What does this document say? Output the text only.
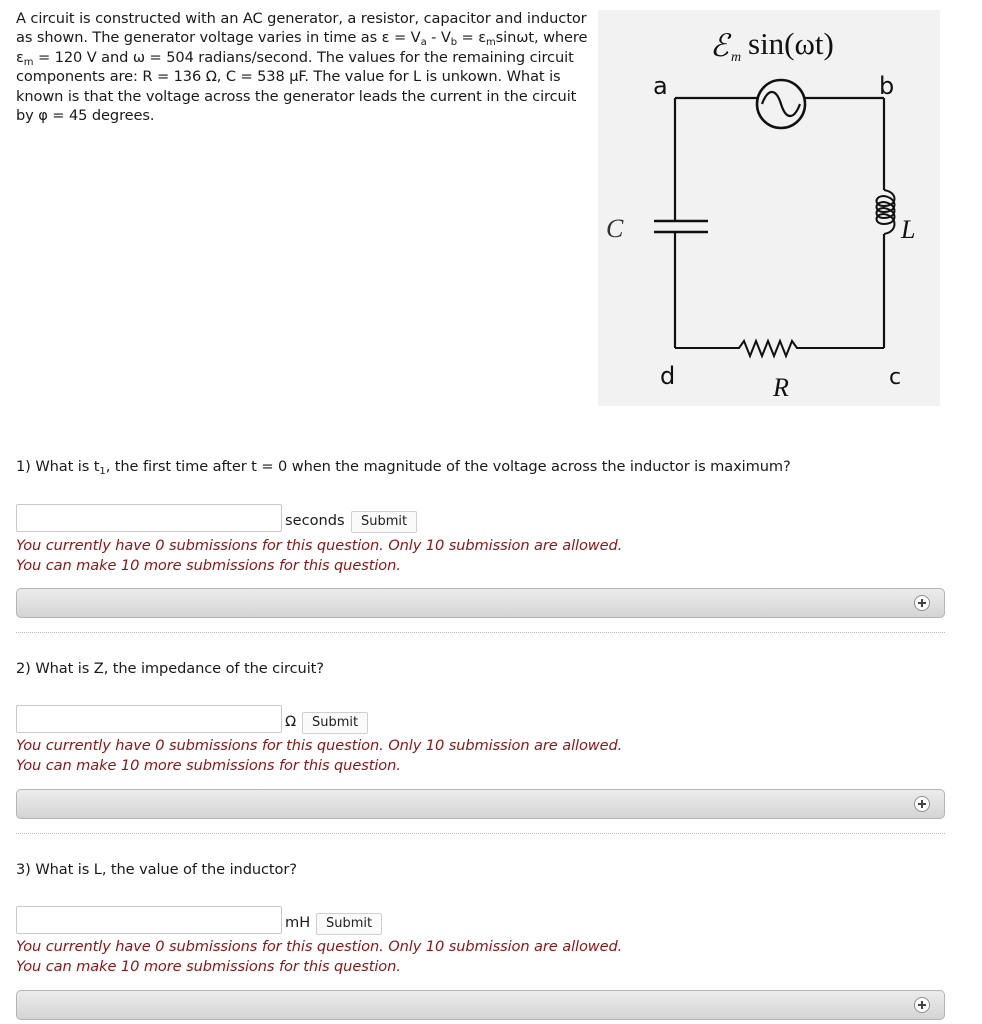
A circuit is constructed with an AC generator, a resistor, capacitor and inductor as shown. The generator voltage varies in time as $\varepsilon = V_a - V_b = \varepsilon_m\sin\omega t$, where $\varepsilon_m = 120$ V and ω = 504 radians/second. The values for the remaining circuit components are: R = 136 Ω, C = 538 μF. The value for L is unkown. What is known is that the voltage across the generator leads the current in the circuit by φ = 45 degrees.
ℰ m sin(ωt)
a	b
d	c
C	L
R
1) What is $t_1$, the first time after t = 0 when the magnitude of the voltage across the inductor is maximum?
seconds	Submit
You currently have 0 submissions for this question. Only 10 submission are allowed.
You can make 10 more submissions for this question.
2) What is Z, the impedance of the circuit?
Ω	Submit
You currently have 0 submissions for this question. Only 10 submission are allowed.
You can make 10 more submissions for this question.
3) What is L, the value of the inductor?
mH	Submit
You currently have 0 submissions for this question. Only 10 submission are allowed.
You can make 10 more submissions for this question.
